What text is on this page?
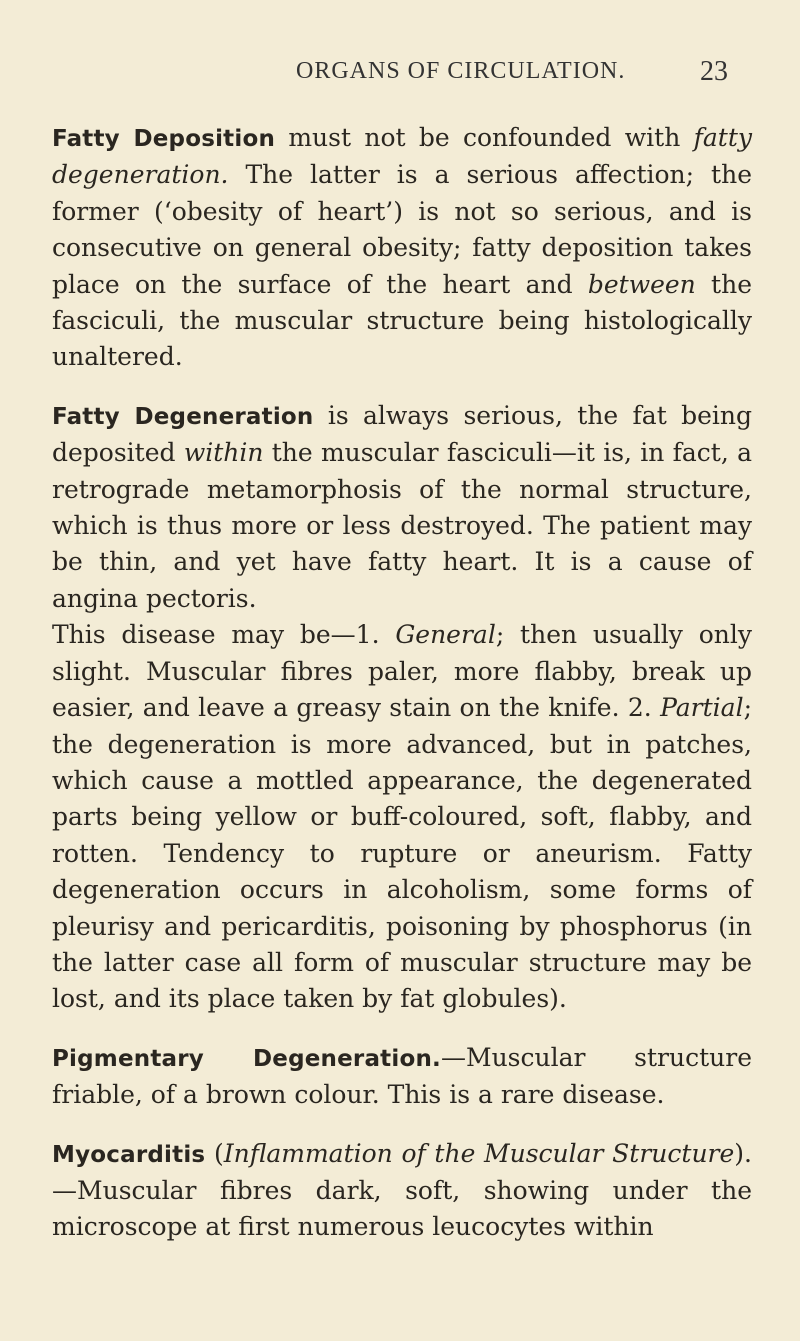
ORGANS OF CIRCULATION.	23

Fatty Deposition must not be confounded with fatty degeneration. The latter is a serious affection; the former (‘obesity of heart’) is not so serious, and is consecutive on general obesity; fatty deposition takes place on the surface of the heart and between the fasciculi, the muscular structure being histologically unaltered.

Fatty Degeneration is always serious, the fat being deposited within the muscular fasciculi—it is, in fact, a retrograde metamorphosis of the normal structure, which is thus more or less destroyed. The patient may be thin, and yet have fatty heart. It is a cause of angina pectoris.

This disease may be—1. General; then usually only slight. Muscular fibres paler, more flabby, break up easier, and leave a greasy stain on the knife. 2. Partial; the degeneration is more advanced, but in patches, which cause a mottled appearance, the degenerated parts being yellow or buff-coloured, soft, flabby, and rotten. Tendency to rupture or aneurism. Fatty degeneration occurs in alcoholism, some forms of pleurisy and pericarditis, poisoning by phosphorus (in the latter case all form of muscular structure may be lost, and its place taken by fat globules).

Pigmentary Degeneration.—Muscular structure friable, of a brown colour. This is a rare disease.

Myocarditis (Inflammation of the Muscular Structure).—Muscular fibres dark, soft, showing under the microscope at first numerous leucocytes within
